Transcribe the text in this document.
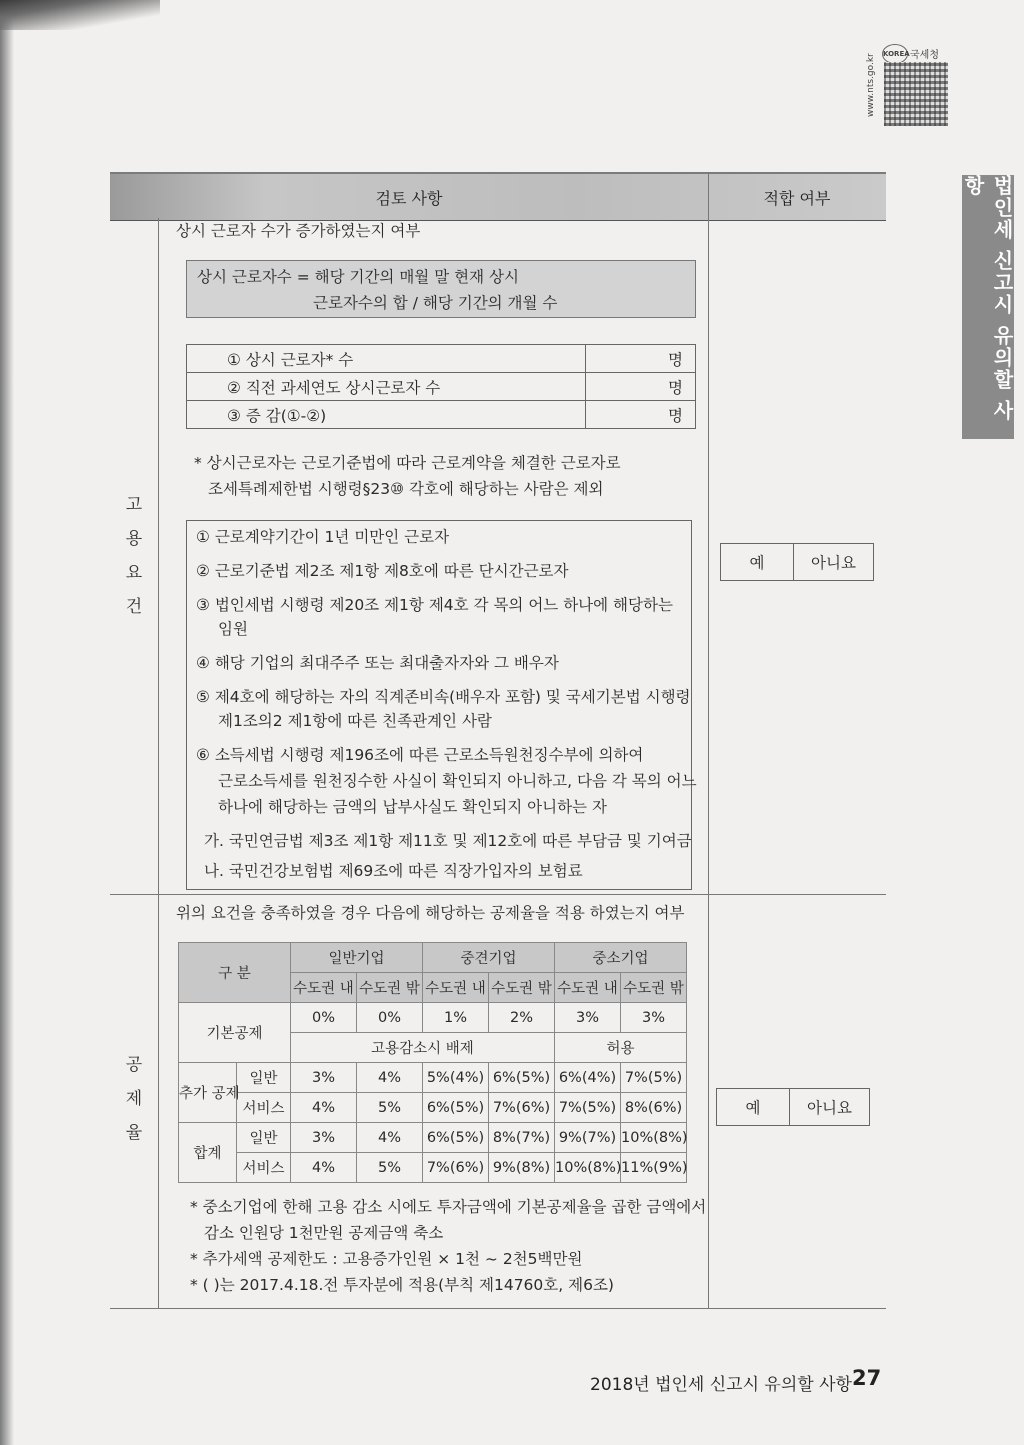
www.nts.go.kr	KOREA 국세청
법인세 신고시 유의할 사항
검토 사항	적합 여부
고
용
요
건
공
제
율
상시 근로자 수가 증가하였는지 여부
상시 근로자수 = 해당 기간의 매월 말 현재 상시
근로자수의 합 / 해당 기간의 개월 수
① 상시 근로자* 수	명
② 직전 과세연도 상시근로자 수	명
③ 증 감(①-②)	명
* 상시근로자는 근로기준법에 따라 근로계약을 체결한 근로자로
조세특례제한법 시행령§23⑩ 각호에 해당하는 사람은 제외
① 근로계약기간이 1년 미만인 근로자
② 근로기준법 제2조 제1항 제8호에 따른 단시간근로자
③ 법인세법 시행령 제20조 제1항 제4호 각 목의 어느 하나에 해당하는
임원
④ 해당 기업의 최대주주 또는 최대출자자와 그 배우자
⑤ 제4호에 해당하는 자의 직계존비속(배우자 포함) 및 국세기본법 시행령
제1조의2 제1항에 따른 친족관계인 사람
⑥ 소득세법 시행령 제196조에 따른 근로소득원천징수부에 의하여
근로소득세를 원천징수한 사실이 확인되지 아니하고, 다음 각 목의 어느
하나에 해당하는 금액의 납부사실도 확인되지 아니하는 자
가. 국민연금법 제3조 제1항 제11호 및 제12호에 따른 부담금 및 기여금
나. 국민건강보험법 제69조에 따른 직장가입자의 보험료
예	아니요
위의 요건을 충족하였을 경우 다음에 해당하는 공제율을 적용 하였는지 여부
구 분		일반기업		중견기업		중소기업	
		수도권 내	수도권 밖	수도권 내	수도권 밖	수도권 내	수도권 밖
기본공제		0%	0%	1%	2%	3%	3%
		고용감소시 배제				허용	
추가 공제	일반	3%	4%	5%(4%)	6%(5%)	6%(4%)	7%(5%)
	서비스	4%	5%	6%(5%)	7%(6%)	7%(5%)	8%(6%)
합계	일반	3%	4%	6%(5%)	8%(7%)	9%(7%)	10%(8%)
	서비스	4%	5%	7%(6%)	9%(8%)	10%(8%)	11%(9%)
예	아니요
* 중소기업에 한해 고용 감소 시에도 투자금액에 기본공제율을 곱한 금액에서
감소 인원당 1천만원 공제금액 축소
* 추가세액 공제한도 : 고용증가인원 × 1천 ~ 2천5백만원
* ( )는 2017.4.18.전 투자분에 적용(부칙 제14760호, 제6조)
2018년 법인세 신고시 유의할 사항 27
